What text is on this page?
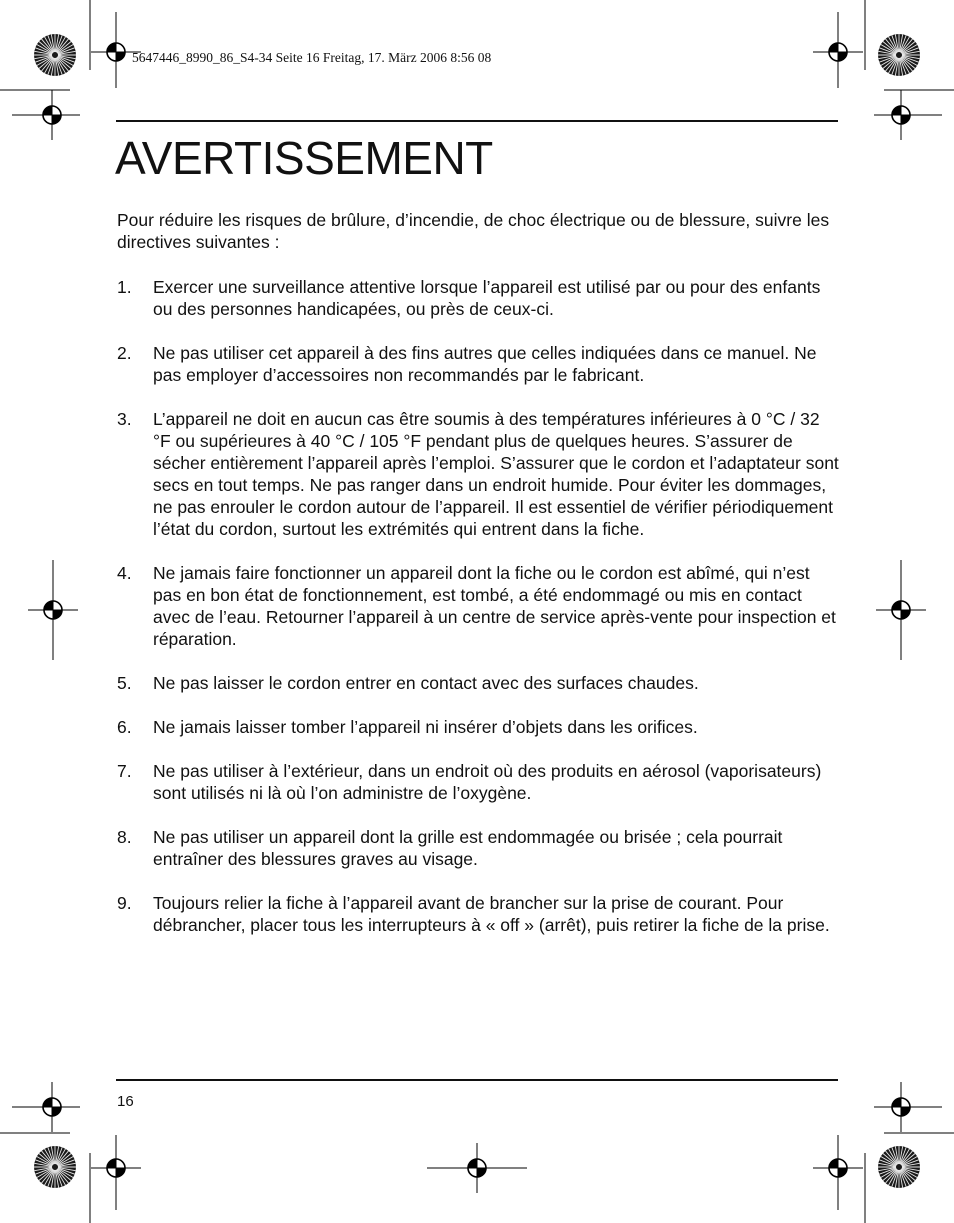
5647446_8990_86_S4-34 Seite 16 Freitag, 17. März 2006 8:56 08
AVERTISSEMENT

Pour réduire les risques de brûlure, d’incendie, de choc électrique ou de blessure, suivre les directives suivantes :

1.	Exercer une surveillance attentive lorsque l’appareil est utilisé par ou pour des enfants ou des personnes handicapées, ou près de ceux-ci.
2.	Ne pas utiliser cet appareil à des fins autres que celles indiquées dans ce manuel. Ne pas employer d’accessoires non recommandés par le fabricant.
3.	L’appareil ne doit en aucun cas être soumis à des températures inférieures à 0 °C / 32 °F ou supérieures à 40 °C / 105 °F pendant plus de quelques heures. S’assurer de sécher entièrement l’appareil après l’emploi. S’assurer que le cordon et l’adaptateur sont secs en tout temps. Ne pas ranger dans un endroit humide. Pour éviter les dommages, ne pas enrouler le cordon autour de l’appareil. Il est essentiel de vérifier périodiquement l’état du cordon, surtout les extrémités qui entrent dans la fiche.
4.	Ne jamais faire fonctionner un appareil dont la fiche ou le cordon est abîmé, qui n’est pas en bon état de fonctionnement, est tombé, a été endommagé ou mis en contact avec de l’eau. Retourner l’appareil à un centre de service après-vente pour inspection et réparation.
5.	Ne pas laisser le cordon entrer en contact avec des surfaces chaudes.
6.	Ne jamais laisser tomber l’appareil ni insérer d’objets dans les orifices.
7.	Ne pas utiliser à l’extérieur, dans un endroit où des produits en aérosol (vaporisateurs) sont utilisés ni là où l’on administre de l’oxygène.
8.	Ne pas utiliser un appareil dont la grille est endommagée ou brisée ; cela pourrait entraîner des blessures graves au visage.
9.	Toujours relier la fiche à l’appareil avant de brancher sur la prise de courant. Pour débrancher, placer tous les interrupteurs à « off » (arrêt), puis retirer la fiche de la prise.
16
